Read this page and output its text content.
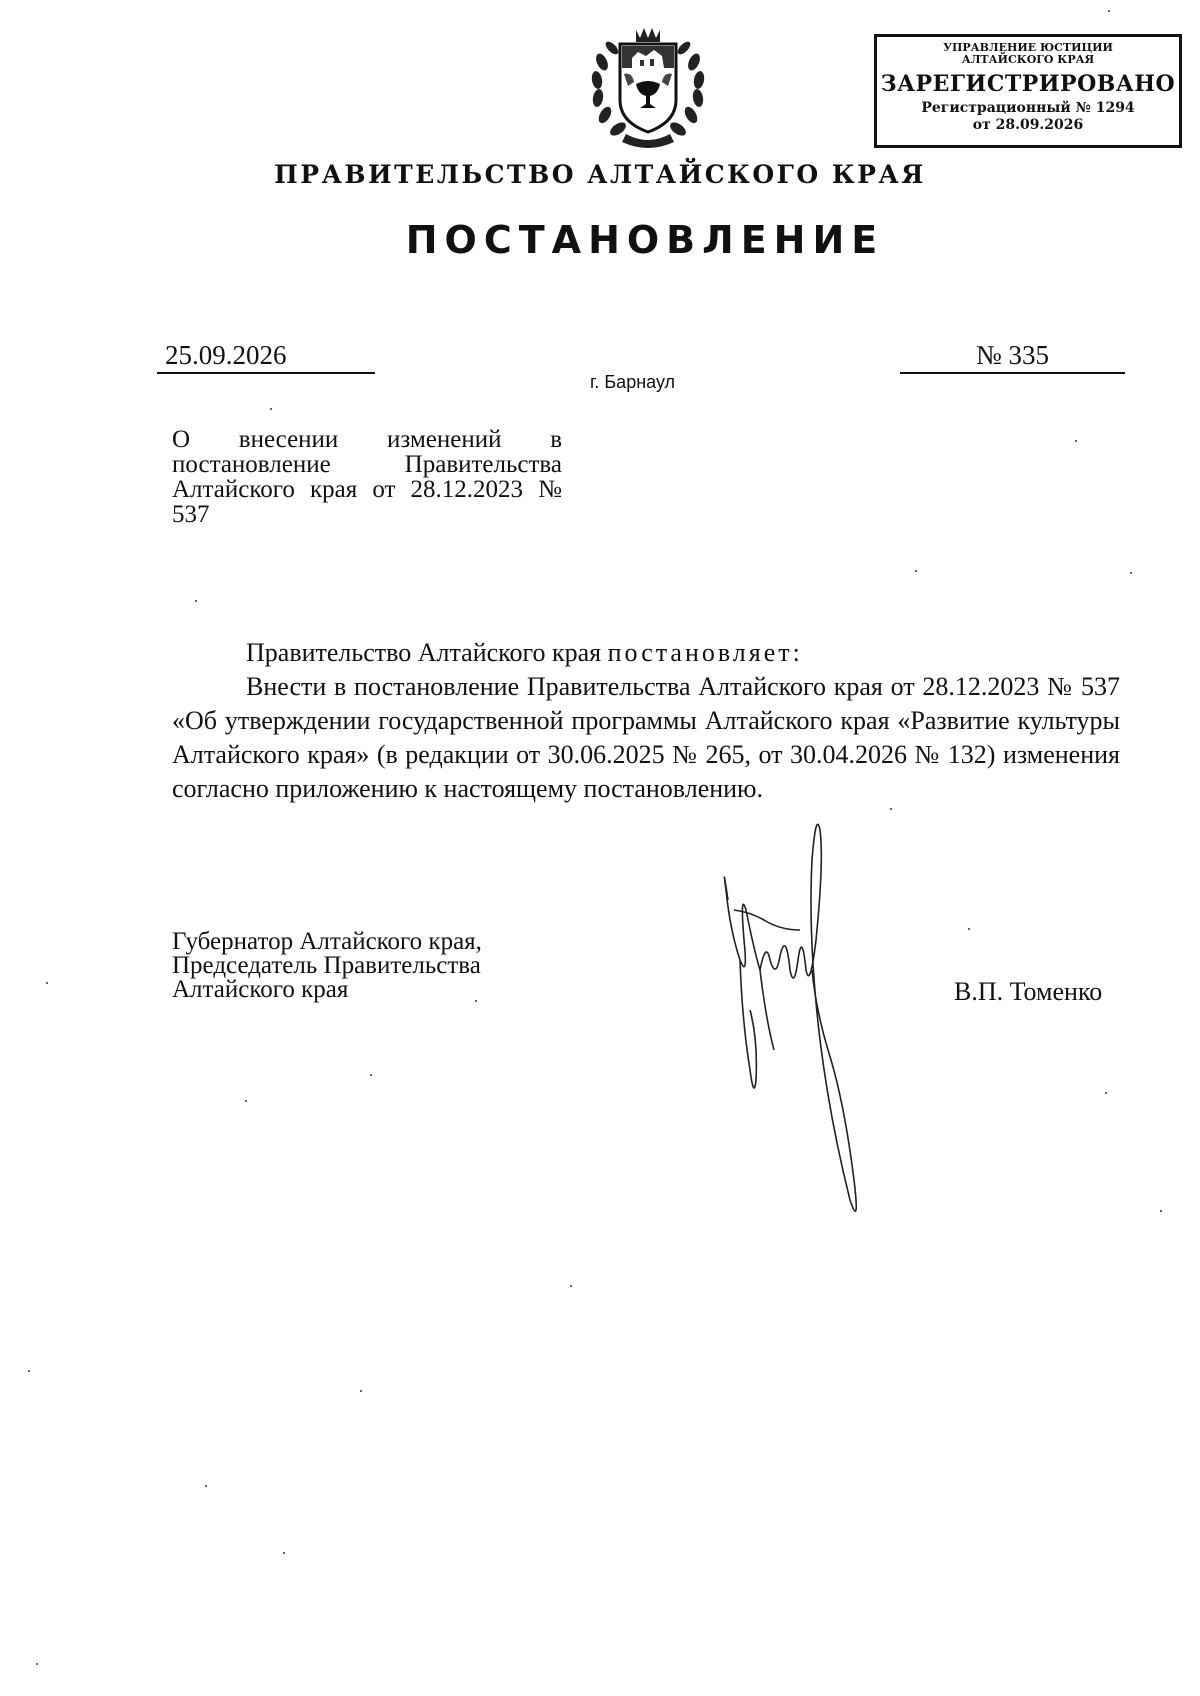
УПРАВЛЕНИЕ ЮСТИЦИИ
АЛТАЙСКОГО КРАЯ
ЗАРЕГИСТРИРОВАНО
Регистрационный № 1294
от 28.09.2026
ПРАВИТЕЛЬСТВО АЛТАЙСКОГО КРАЯ
ПОСТАНОВЛЕНИЕ
25.09.2026	№ 335
г. Барнаул
О внесении изменений в постановление Правительства Алтайского края от 28.12.2023 № 537
Правительство Алтайского края постановляет:
Внести в постановление Правительства Алтайского края от 28.12.2023 № 537 «Об утверждении государственной программы Алтайского края «Развитие культуры Алтайского края» (в редакции от 30.06.2025 № 265, от 30.04.2026 № 132) изменения согласно приложению к настоящему постановлению.
Губернатор Алтайского края,
Председатель Правительства
Алтайского края	В.П. Томенко
